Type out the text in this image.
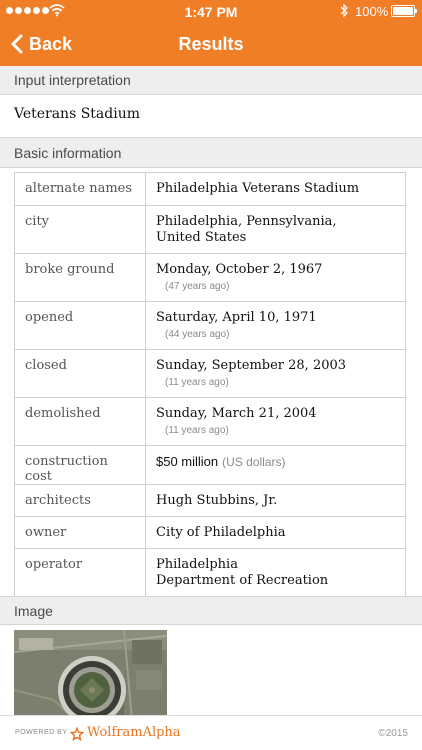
1:47 PM	100%
Back	Results
Input interpretation
Veterans Stadium
Basic information
alternate names	Philadelphia Veterans Stadium
city	Philadelphia, Pennsylvania,
United States
broke ground	Monday, October 2, 1967
(47 years ago)

opened	Saturday, April 10, 1971
(44 years ago)

closed	Sunday, September 28, 2003
(11 years ago)

demolished	Sunday, March 21, 2004
(11 years ago)

construction cost	$50 million (US dollars)
architects	Hugh Stubbins, Jr.
owner	City of Philadelphia
operator	Philadelphia
Department of Recreation
Image
POWERED BY WolframAlpha	©2015
